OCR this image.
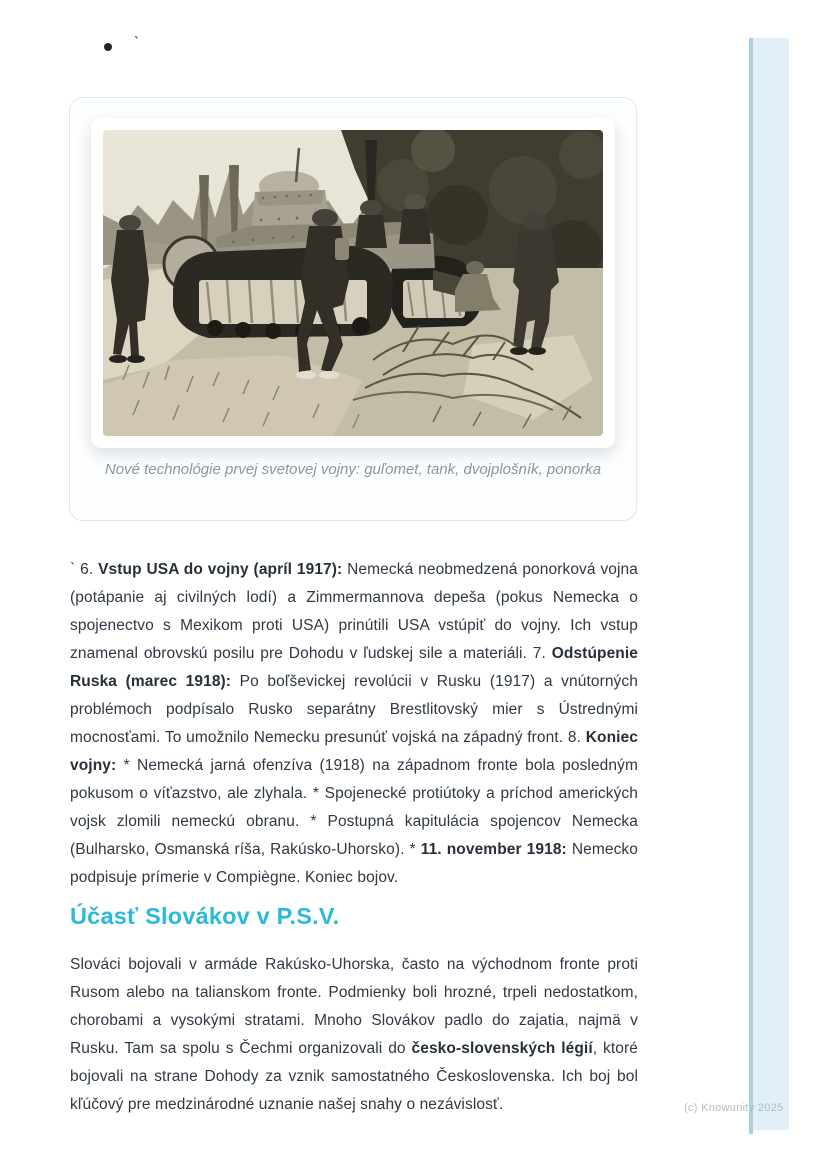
`
Nové technológie prvej svetovej vojny: guľomet, tank, dvojplošník, ponorka

` 6. Vstup USA do vojny (apríl 1917): Nemecká neobmedzená ponorková vojna (potápanie aj civilných lodí) a Zimmermannova depeša (pokus Nemecka o spojenectvo s Mexikom proti USA) prinútili USA vstúpiť do vojny. Ich vstup znamenal obrovskú posilu pre Dohodu v ľudskej sile a materiáli. 7. Odstúpenie Ruska (marec 1918): Po boľševickej revolúcii v Rusku (1917) a vnútorných problémoch podpísalo Rusko separátny Brestlitovský mier s Ústrednými mocnosťami. To umožnilo Nemecku presunúť vojská na západný front. 8. Koniec vojny: * Nemecká jarná ofenzíva (1918) na západnom fronte bola posledným pokusom o víťazstvo, ale zlyhala. * Spojenecké protiútoky a príchod amerických vojsk zlomili nemeckú obranu. * Postupná kapitulácia spojencov Nemecka (Bulharsko, Osmanská ríša, Rakúsko-Uhorsko). * 11. november 1918: Nemecko podpisuje prímerie v Compiègne. Koniec bojov.

Účasť Slovákov v P.S.V.

Slováci bojovali v armáde Rakúsko-Uhorska, často na východnom fronte proti Rusom alebo na talianskom fronte. Podmienky boli hrozné, trpeli nedostatkom, chorobami a vysokými stratami. Mnoho Slovákov padlo do zajatia, najmä v Rusku. Tam sa spolu s Čechmi organizovali do česko-slovenských légií, ktoré bojovali na strane Dohody za vznik samostatného Československa. Ich boj bol kľúčový pre medzinárodné uznanie našej snahy o nezávislosť.	(c) Knowunity 2025
